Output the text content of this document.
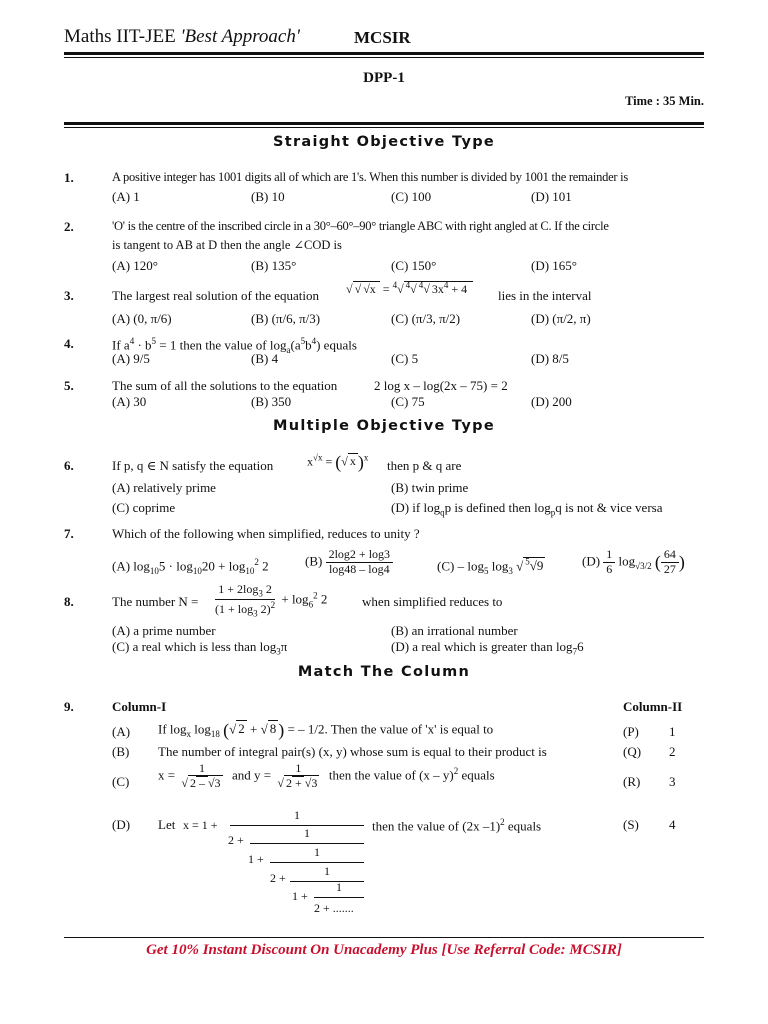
Maths IIT-JEE 'Best Approach'	MCSIR
DPP-1
Time : 35 Min.
Straight Objective Type
1.	A positive integer has 1001 digits all of which are 1's. When this number is divided by 1001 the remainder is
(A) 1	(B) 10	(C) 100	(D) 101
2.	'O' is the centre of the inscribed circle in a 30°–60°–90° triangle ABC with right angled at C. If the circle
is tangent to AB at D then the angle ∠COD is
(A) 120°	(B) 135°	(C) 150°	(D) 165°
3.	The largest real solution of the equation √ √ √x = $^4$√ $^4$√ $^4$√ $3x^4 + 4$	lies in the interval
(A) (0, π/6)	(B) (π/6, π/3)	(C) (π/3, π/2)	(D) (π/2, π)
4.	If $a^4 \cdot b^5 = 1$ then the value of $\log_a(a^5b^4)$ equals
(A) 9/5	(B) 4	(C) 5	(D) 8/5
5.	The sum of all the solutions to the equation	2 log x – log(2x – 75) = 2
(A) 30	(B) 350	(C) 75	(D) 200
Multiple Objective Type
6.	If p, q ∈ N satisfy the equation	$x^{√x}$ = (√ x )$^x$
then p & q are
(A) relatively prime	(B) twin prime
(C) coprime	(D) if $\log_qp$ is defined then $\log_pq$ is not & vice versa
7.	Which of the following when simplified, reduces to unity ?
(A) $\log_{10}5 \cdot \log_{10}20 + \log_{10}^2 2$	$(B) \frac{2\log 2 + \log 3}{\log 48 - \log 4}$	$(C) - \log_5 \log_3$ √ $^5$√9	$(D) \frac{1}{6} \log_{√3/2}$ ( $\frac{64}{27}$ )
8.	The number $N = \frac{1 + 2\log_3 2}{(1 + \log_3 2)^2} + \log_6^2 2$	when simplified reduces to
(A) a prime number	(B) an irrational number
(C) a real which is less than $\log_3\pi$	(D) a real which is greater than $\log_76$
Match The Column
9.	Column-I	Column-II
(A) If $\log_x \log_{18}$ (√ 2 + √ 8 ) = – 1/2. Then the value of 'x' is equal to	(P) 1
(B) The number of integral pair(s) (x, y) whose sum is equal to their product is	(Q) 2
(C) $x = \frac{1}{√ 2 - √3}$ and $y = \frac{1}{√ 2 + √3}$ then the value of (x – y)$^2$ equals	(R) 3
(D) Let	then the value of (2x –1)$^2$ equals	(S) 4
x = 1 +
1
2 +	1
1 +	1
2 +	1
1 +
1
2 + .......
Get 10% Instant Discount On Unacademy Plus [Use Referral Code: MCSIR]
